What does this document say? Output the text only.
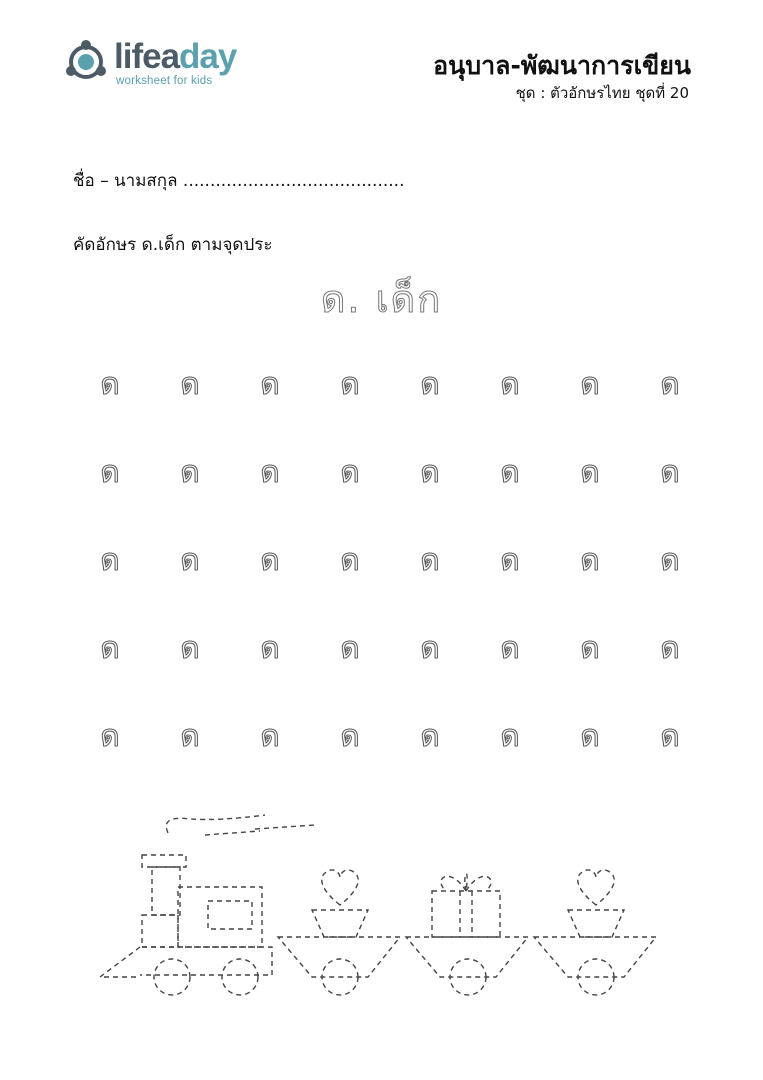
lifeaday
worksheet for kids
อนุบาล-พัฒนาการเขียน
ชุด : ตัวอักษรไทย ชุดที่ 20
ชื่อ – นามสกุล .........................................
คัดอักษร ด.เด็ก ตามจุดประ
ด. เด็ก
ด	ด	ด	ด	ด	ด	ด	ด
ด	ด	ด	ด	ด	ด	ด	ด
ด	ด	ด	ด	ด	ด	ด	ด
ด	ด	ด	ด	ด	ด	ด	ด
ด	ด	ด	ด	ด	ด	ด	ด
